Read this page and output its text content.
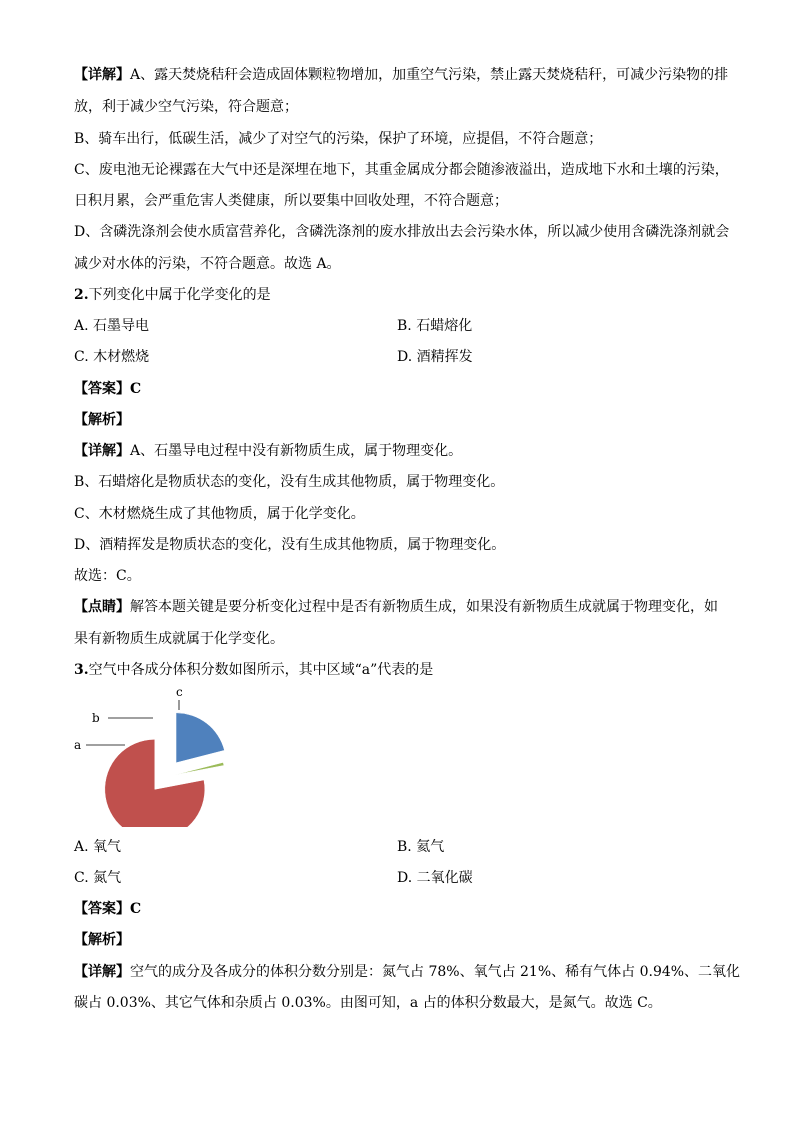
【详解】A、露天焚烧秸秆会造成固体颗粒物增加，加重空气污染，禁止露天焚烧秸秆，可减少污染物的排
放，利于减少空气污染，符合题意；
B、骑车出行，低碳生活，减少了对空气的污染，保护了环境，应提倡，不符合题意；
C、废电池无论裸露在大气中还是深埋在地下，其重金属成分都会随渗液溢出，造成地下水和土壤的污染，
日积月累，会严重危害人类健康，所以要集中回收处理，不符合题意；
D、含磷洗涤剂会使水质富营养化，含磷洗涤剂的废水排放出去会污染水体，所以减少使用含磷洗涤剂就会
减少对水体的污染，不符合题意。故选 A。
2.下列变化中属于化学变化的是
A. 石墨导电	B. 石蜡熔化
C. 木材燃烧	D. 酒精挥发
【答案】C
【解析】
【详解】A、石墨导电过程中没有新物质生成，属于物理变化。
B、石蜡熔化是物质状态的变化，没有生成其他物质，属于物理变化。
C、木材燃烧生成了其他物质，属于化学变化。
D、酒精挥发是物质状态的变化，没有生成其他物质，属于物理变化。
故选：C。
【点睛】解答本题关键是要分析变化过程中是否有新物质生成，如果没有新物质生成就属于物理变化，如
果有新物质生成就属于化学变化。
3.空气中各成分体积分数如图所示，其中区域“a”代表的是
c
b
a
A. 氧气	B. 氦气
C. 氮气	D. 二氧化碳
【答案】C
【解析】
【详解】空气的成分及各成分的体积分数分别是：氮气占 78%、氧气占 21%、稀有气体占 0.94%、二氧化
碳占 0.03%、其它气体和杂质占 0.03%。由图可知，a 占的体积分数最大，是氮气。故选 C。
